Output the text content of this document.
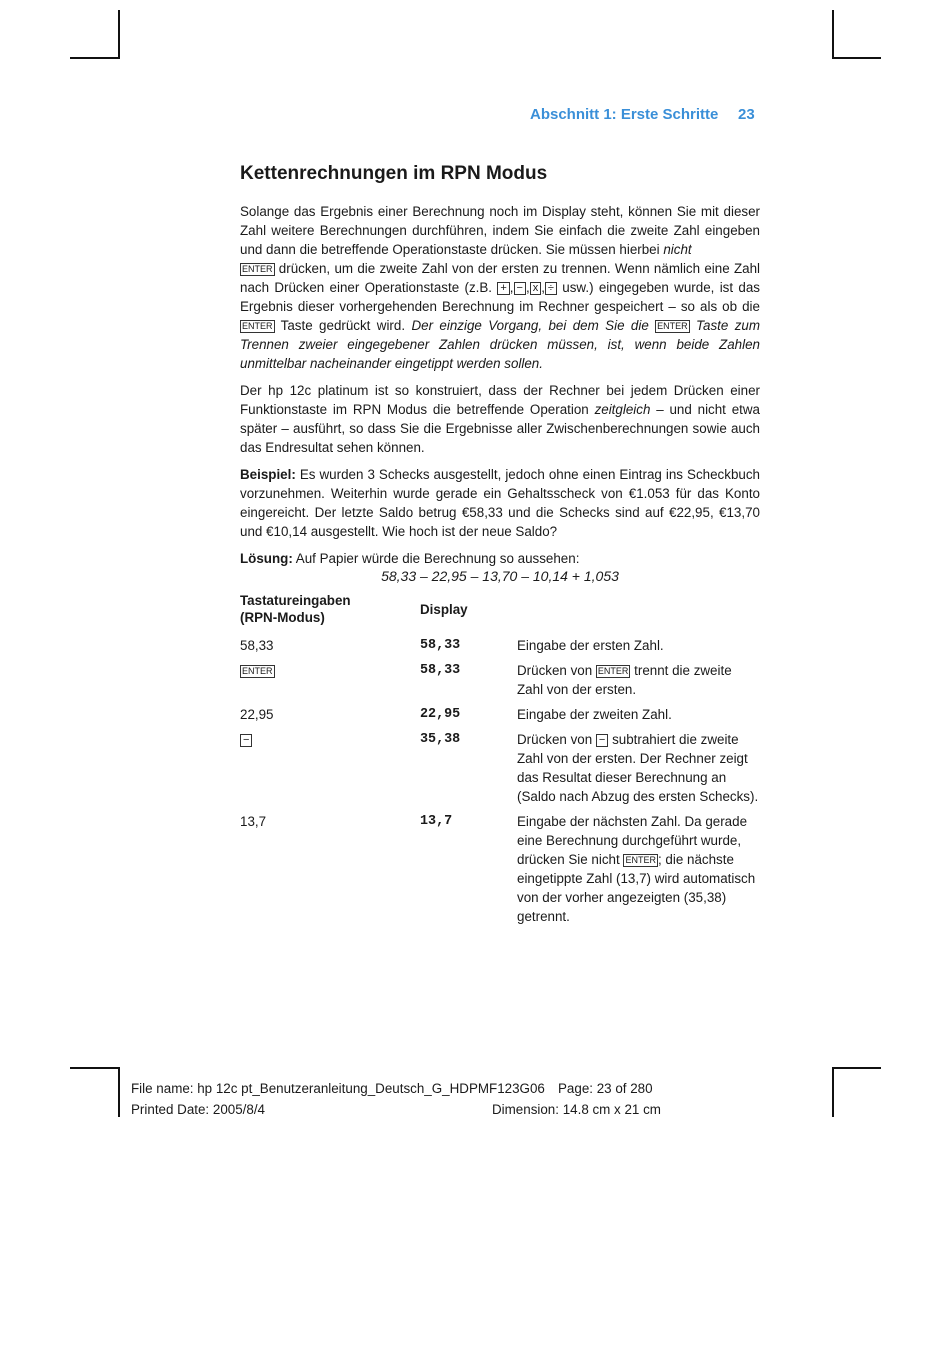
Abschnitt 1: Erste Schritte 23
Kettenrechnungen im RPN Modus

Solange das Ergebnis einer Berechnung noch im Display steht, können Sie mit dieser Zahl weitere Berechnungen durchführen, indem Sie einfach die zweite Zahl eingeben und dann die betreffende Operationstaste drücken. Sie müssen hierbei nicht
ENTER drücken, um die zweite Zahl von der ersten zu trennen. Wenn nämlich eine Zahl nach Drücken einer Operationstaste (z.B. + , − , x , ÷ usw.) eingegeben wurde, ist das Ergebnis dieser vorhergehenden Berechnung im Rechner gespeichert – so als ob die ENTER Taste gedrückt wird. Der einzige Vorgang, bei dem Sie die ENTER Taste zum Trennen zweier eingegebener Zahlen drücken müssen, ist, wenn beide Zahlen unmittelbar nacheinander eingetippt werden sollen.

Der hp 12c platinum ist so konstruiert, dass der Rechner bei jedem Drücken einer Funktionstaste im RPN Modus die betreffende Operation zeitgleich – und nicht etwa später – ausführt, so dass Sie die Ergebnisse aller Zwischenberechnungen sowie auch das Endresultat sehen können.

Beispiel: Es wurden 3 Schecks ausgestellt, jedoch ohne einen Eintrag ins Scheckbuch vorzunehmen. Weiterhin wurde gerade ein Gehaltsscheck von €1.053 für das Konto eingereicht. Der letzte Saldo betrug €58,33 und die Schecks sind auf €22,95, €13,70 und €10,14 ausgestellt. Wie hoch ist der neue Saldo?

Lösung: Auf Papier würde die Berechnung so aussehen:

58,33 – 22,95 – 13,70 – 10,14 + 1,053
Tastatureingaben
(RPN-Modus)	Display	
58,33	58,33	Eingabe der ersten Zahl.
ENTER	58,33	Drücken von ENTER trennt die zweite Zahl von der ersten.
22,95	22,95	Eingabe der zweiten Zahl.
−	35,38	Drücken von − subtrahiert die zweite Zahl von der ersten. Der Rechner zeigt das Resultat dieser Berechnung an (Saldo nach Abzug des ersten Schecks).
13,7	13,7	Eingabe der nächsten Zahl. Da gerade eine Berechnung durchgeführt wurde, drücken Sie nicht ENTER ; die nächste eingetippte Zahl (13,7) wird automatisch von der vorher angezeigten (35,38) getrennt.
File name: hp 12c pt_Benutzeranleitung_Deutsch_G_HDPMF123G06 Page: 23 of 280
Printed Date: 2005/8/4	Dimension: 14.8 cm x 21 cm
